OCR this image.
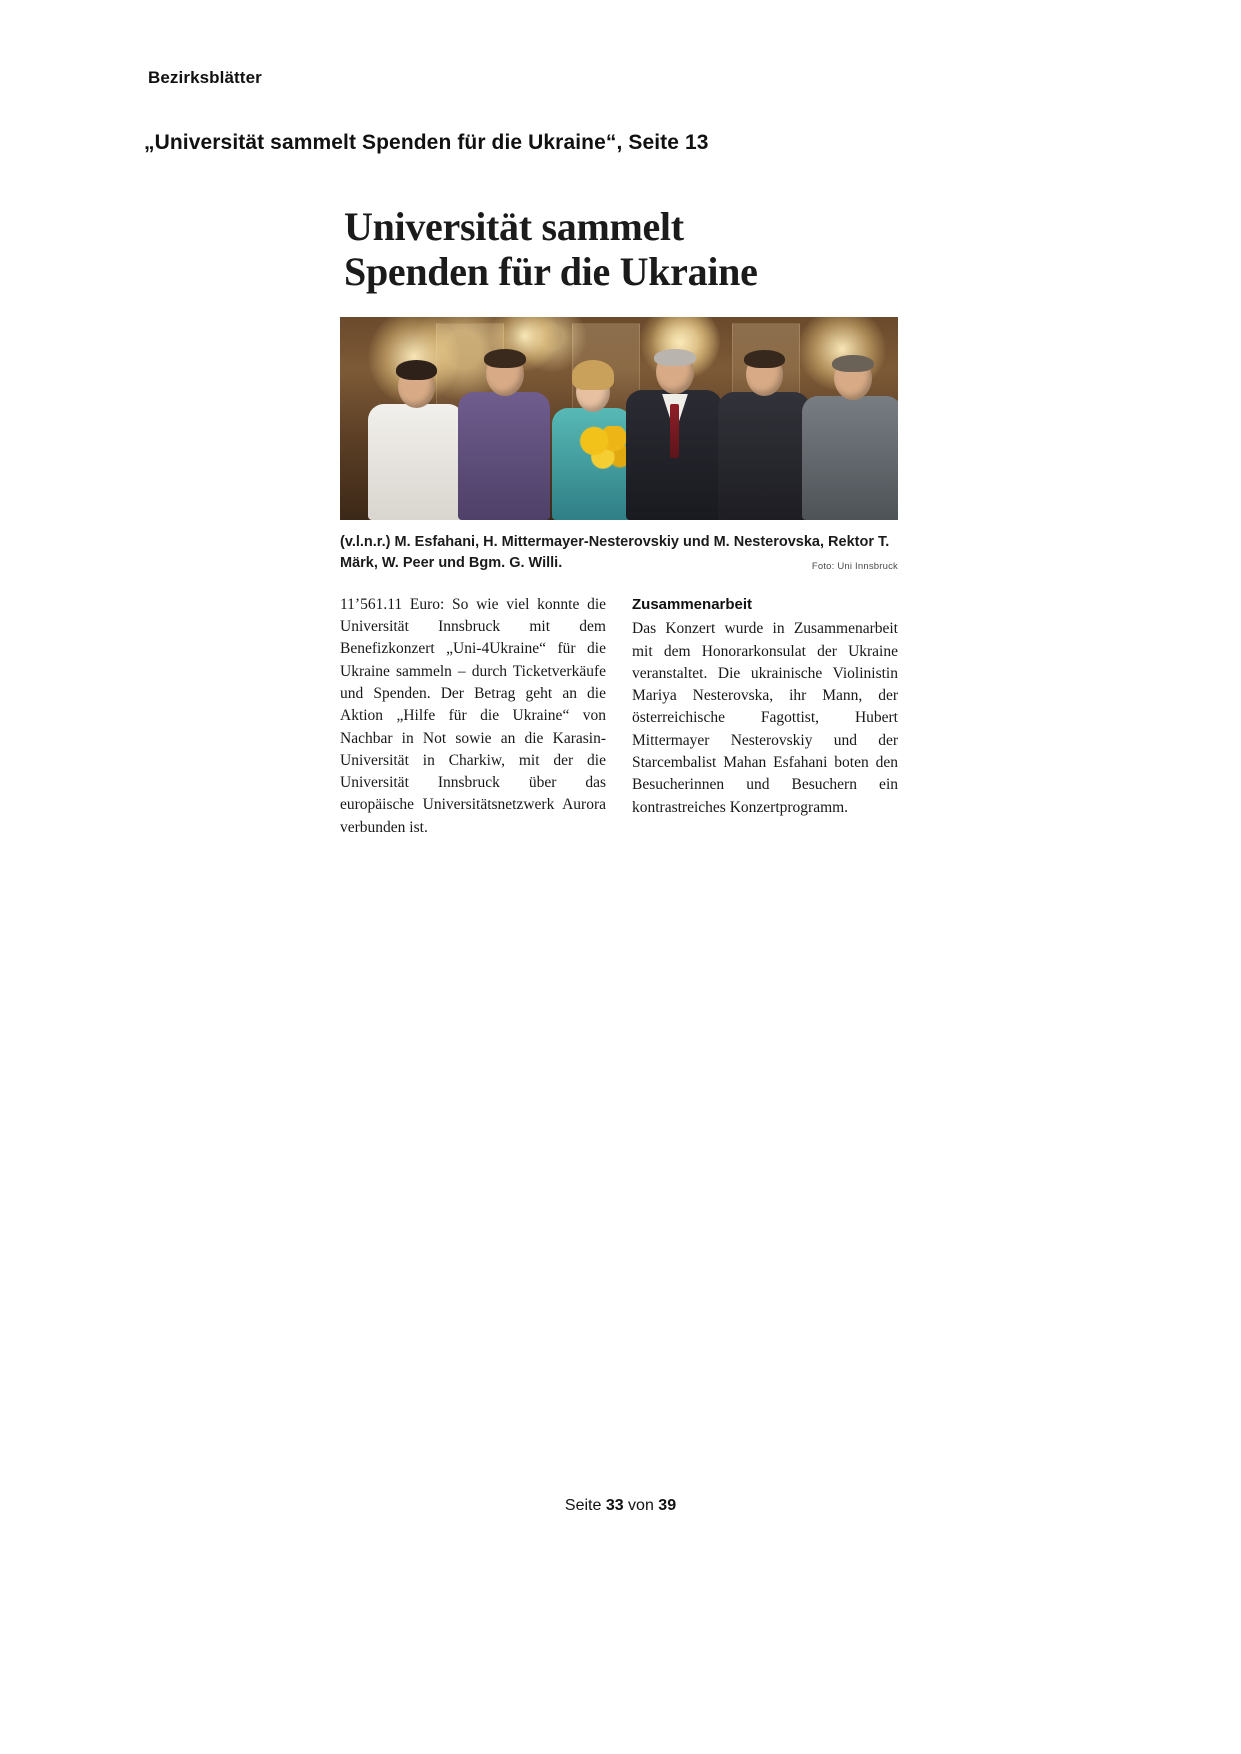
Bezirksblätter
„Universität sammelt Spenden für die Ukraine“, Seite 13
Universität sammelt
Spenden für die Ukraine
(v.l.n.r.) M. Esfahani, H. Mittermayer-Nesterovskiy und M. Nesterovska, Rektor T. Märk, W. Peer und Bgm. G. Willi.	Foto: Uni Innsbruck
11’561.11 Euro: So wie viel konnte die Universität Innsbruck mit dem Benefizkonzert „Uni-4Ukraine“ für die Ukraine sammeln – durch Ticketverkäufe und Spenden. Der Betrag geht an die Aktion „Hilfe für die Ukraine“ von Nachbar in Not sowie an die Karasin-Universität in Charkiw, mit der die Universität Innsbruck über das europäische Universitätsnetzwerk Aurora verbunden ist.
Zusammenarbeit
Das Konzert wurde in Zusammenarbeit mit dem Honorarkonsulat der Ukraine veranstaltet. Die ukrainische Violinistin Mariya Nesterovska, ihr Mann, der österreichische Fagottist, Hubert Mittermayer Nesterovskiy und der Starcembalist Mahan Esfahani boten den Besucherinnen und Besuchern ein kontrastreiches Konzertprogramm.
Seite 33 von 39
